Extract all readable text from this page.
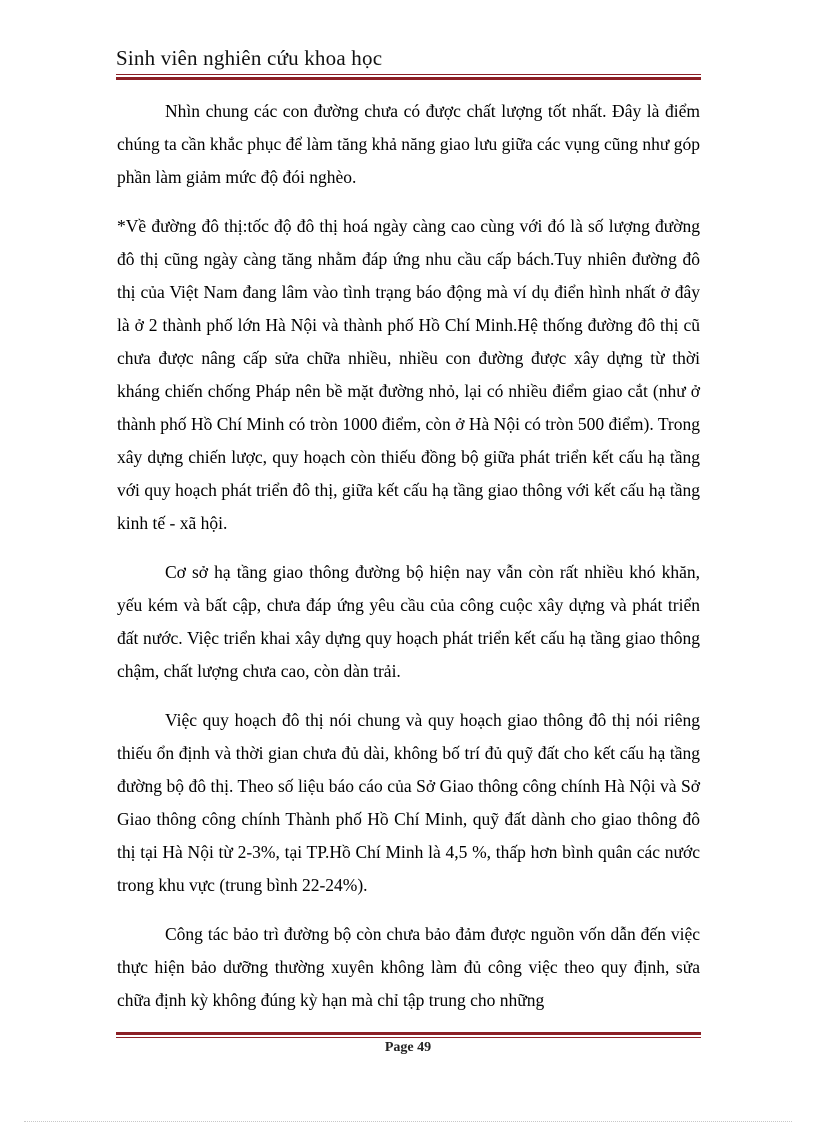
Sinh viên nghiên cứu khoa học

Nhìn chung các con đường chưa có được chất lượng tốt nhất. Đây là điểm chúng ta cần khắc phục để làm tăng khả năng giao lưu giữa các vụng cũng như góp phần làm giảm mức độ đói nghèo.

*Về đường đô thị:tốc độ đô thị hoá ngày càng cao cùng với đó là số lượng đường đô thị cũng ngày càng tăng nhằm đáp ứng nhu cầu cấp bách.Tuy nhiên đường đô thị của Việt Nam đang lâm vào tình trạng báo động mà ví dụ điển hình nhất ở đây là ở 2 thành phố lớn Hà Nội và thành phố Hồ Chí Minh.Hệ thống đường đô thị cũ chưa được nâng cấp sửa chữa nhiều, nhiều con đường được xây dựng từ thời kháng chiến chống Pháp nên bề mặt đường nhỏ, lại có nhiều điểm giao cắt (như ở thành phố Hồ Chí Minh có tròn 1000 điểm, còn ở Hà Nội có tròn 500 điểm). Trong xây dựng chiến lược, quy hoạch còn thiếu đồng bộ giữa phát triển kết cấu hạ tầng với quy hoạch phát triển đô thị, giữa kết cấu hạ tầng giao thông với kết cấu hạ tầng kinh tế - xã hội.

Cơ sở hạ tầng giao thông đường bộ hiện nay vẫn còn rất nhiều khó khăn, yếu kém và bất cập, chưa đáp ứng yêu cầu của công cuộc xây dựng và phát triển đất nước. Việc triển khai xây dựng quy hoạch phát triển kết cấu hạ tầng giao thông chậm, chất lượng chưa cao, còn dàn trải.

Việc quy hoạch đô thị nói chung và quy hoạch giao thông đô thị nói riêng thiếu ổn định và thời gian chưa đủ dài, không bố trí đủ quỹ đất cho kết cấu hạ tầng đường bộ đô thị. Theo số liệu báo cáo của Sở Giao thông công chính Hà Nội và Sở Giao thông công chính Thành phố Hồ Chí Minh, quỹ đất dành cho giao thông đô thị tại Hà Nội từ 2-3%, tại TP.Hồ Chí Minh là 4,5 %, thấp hơn bình quân các nước trong khu vực (trung bình 22-24%).

Công tác bảo trì đường bộ còn chưa bảo đảm được nguồn vốn dẫn đến việc thực hiện bảo dưỡng thường xuyên không làm đủ công việc theo quy định, sửa chữa định kỳ không đúng kỳ hạn mà chỉ tập trung cho những

Page 49
